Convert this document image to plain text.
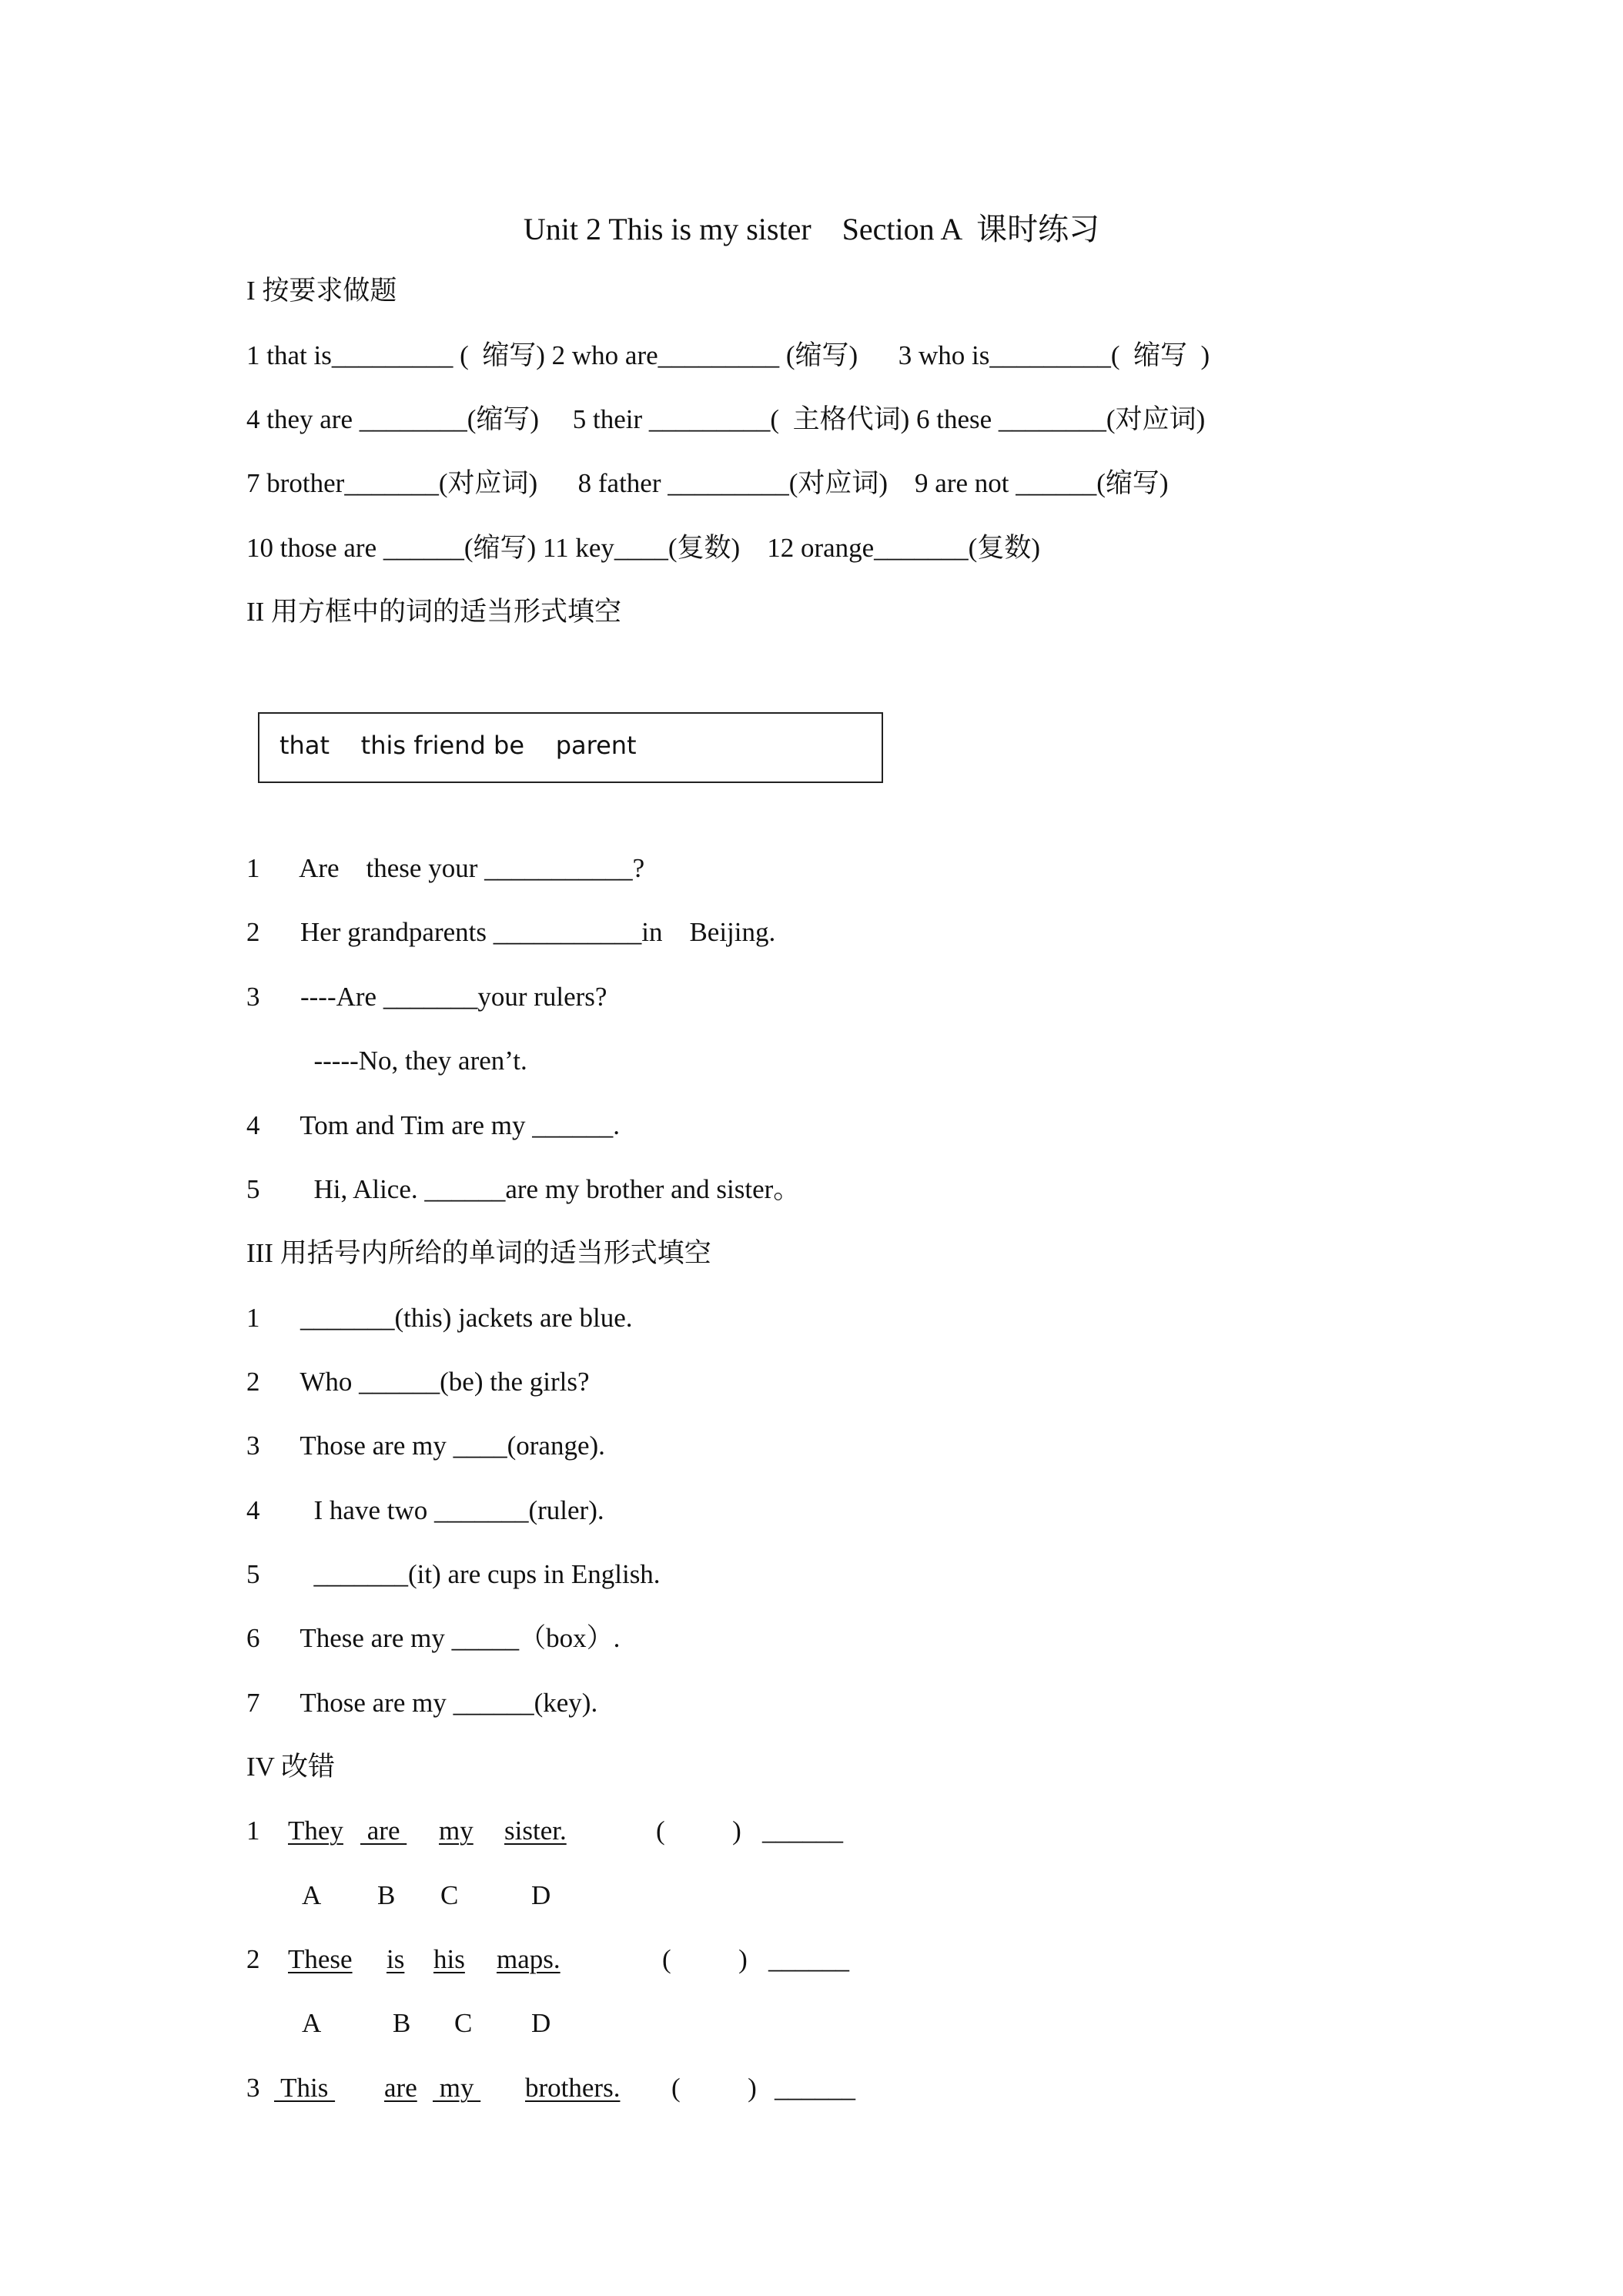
Unit 2 This is my sister    Section A  课时练习
I 按要求做题
1 that is_________ (  缩写) 2 who are_________ (缩写)      3 who is_________(  缩写  )
4 they are ________(缩写)     5 their _________(  主格代词) 6 these ________(对应词)
7 brother_______(对应词)      8 father _________(对应词)    9 are not ______(缩写)
10 those are ______(缩写) 11 key____(复数)    12 orange_______(复数)
II 用方框中的词的适当形式填空
that    this friend be    parent
1      Are    these your ___________?
2      Her grandparents ___________in    Beijing.
3      ----Are _______your rulers?
-----No, they aren’t.
4      Tom and Tim are my ______.
5        Hi, Alice. ______are my brother and sister。
III 用括号内所给的单词的适当形式填空
1      _______(this) jackets are blue.
2      Who ______(be) the girls?
3      Those are my ____(orange).
4        I have two _______(ruler).
5        _______(it) are cups in English.
6      These are my _____（box）.
7      Those are my ______(key).
IV 改错
1 They are my sister.	(          ) ______
A B C	D
2 These is his maps.	(          ) ______
A	B C D
3 This are my brothers. (          ) ______
